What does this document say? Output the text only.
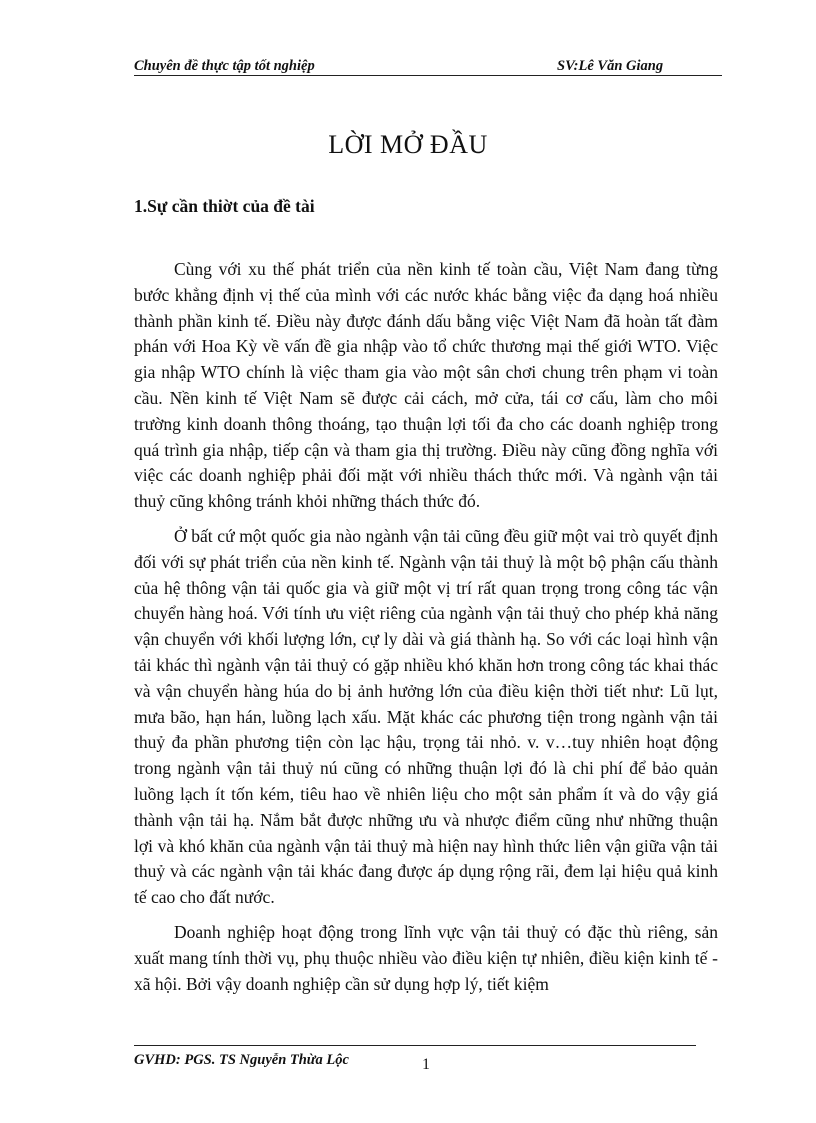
Chuyên đề thực tập tốt nghiệp	SV:Lê Văn Giang
LỜI MỞ ĐẦU
1.Sự cần thiờt của đề tài

Cùng với xu thế phát triển của nền kinh tế toàn cầu, Việt Nam đang từng bước khẳng định vị thế của mình với các nước khác bằng việc đa dạng hoá nhiều thành phần kinh tế. Điều này được đánh dấu bằng việc Việt Nam đã hoàn tất đàm phán với Hoa Kỳ về vấn đề gia nhập vào tổ chức thương mại thế giới WTO. Việc gia nhập WTO chính là việc tham gia vào một sân chơi chung trên phạm vi toàn cầu. Nền kinh tế Việt Nam sẽ được cải cách, mở cửa, tái cơ cấu, làm cho môi trường kinh doanh thông thoáng, tạo thuận lợi tối đa cho các doanh nghiệp trong quá trình gia nhập, tiếp cận và tham gia thị trường. Điều này cũng đồng nghĩa với việc các doanh nghiệp phải đối mặt với nhiều thách thức mới. Và ngành vận tải thuỷ cũng không tránh khỏi những thách thức đó.

Ở bất cứ một quốc gia nào ngành vận tải cũng đều giữ một vai trò quyết định đối với sự phát triển của nền kinh tế. Ngành vận tải thuỷ là một bộ phận cấu thành của hệ thông vận tải quốc gia và giữ một vị trí rất quan trọng trong công tác vận chuyển hàng hoá. Với tính ưu việt riêng của ngành vận tải thuỷ cho phép khả năng vận chuyển với khối lượng lớn, cự ly dài và giá thành hạ. So với các loại hình vận tải khác thì ngành vận tải thuỷ có gặp nhiều khó khăn hơn trong công tác khai thác và vận chuyển hàng húa do bị ảnh hưởng lớn của điều kiện thời tiết như: Lũ lụt, mưa bão, hạn hán, luồng lạch xấu. Mặt khác các phương tiện trong ngành vận tải thuỷ đa phần phương tiện còn lạc hậu, trọng tải nhỏ. v. v…tuy nhiên hoạt động trong ngành vận tải thuỷ nú cũng có những thuận lợi đó là chi phí để bảo quản luồng lạch ít tốn kém, tiêu hao về nhiên liệu cho một sản phẩm ít và do vậy giá thành vận tải hạ. Nắm bắt được những ưu và nhược điểm cũng như những thuận lợi và khó khăn của ngành vận tải thuỷ mà hiện nay hình thức liên vận giữa vận tải thuỷ và các ngành vận tải khác đang được áp dụng rộng rãi, đem lại hiệu quả kinh tế cao cho đất nước.

Doanh nghiệp hoạt động trong lĩnh vực vận tải thuỷ có đặc thù riêng, sản xuất mang tính thời vụ, phụ thuộc nhiều vào điều kiện tự nhiên, điều kiện kinh tế - xã hội. Bởi vậy doanh nghiệp cần sử dụng hợp lý, tiết kiệm

GVHD: PGS. TS Nguyễn Thừa Lộc	1
